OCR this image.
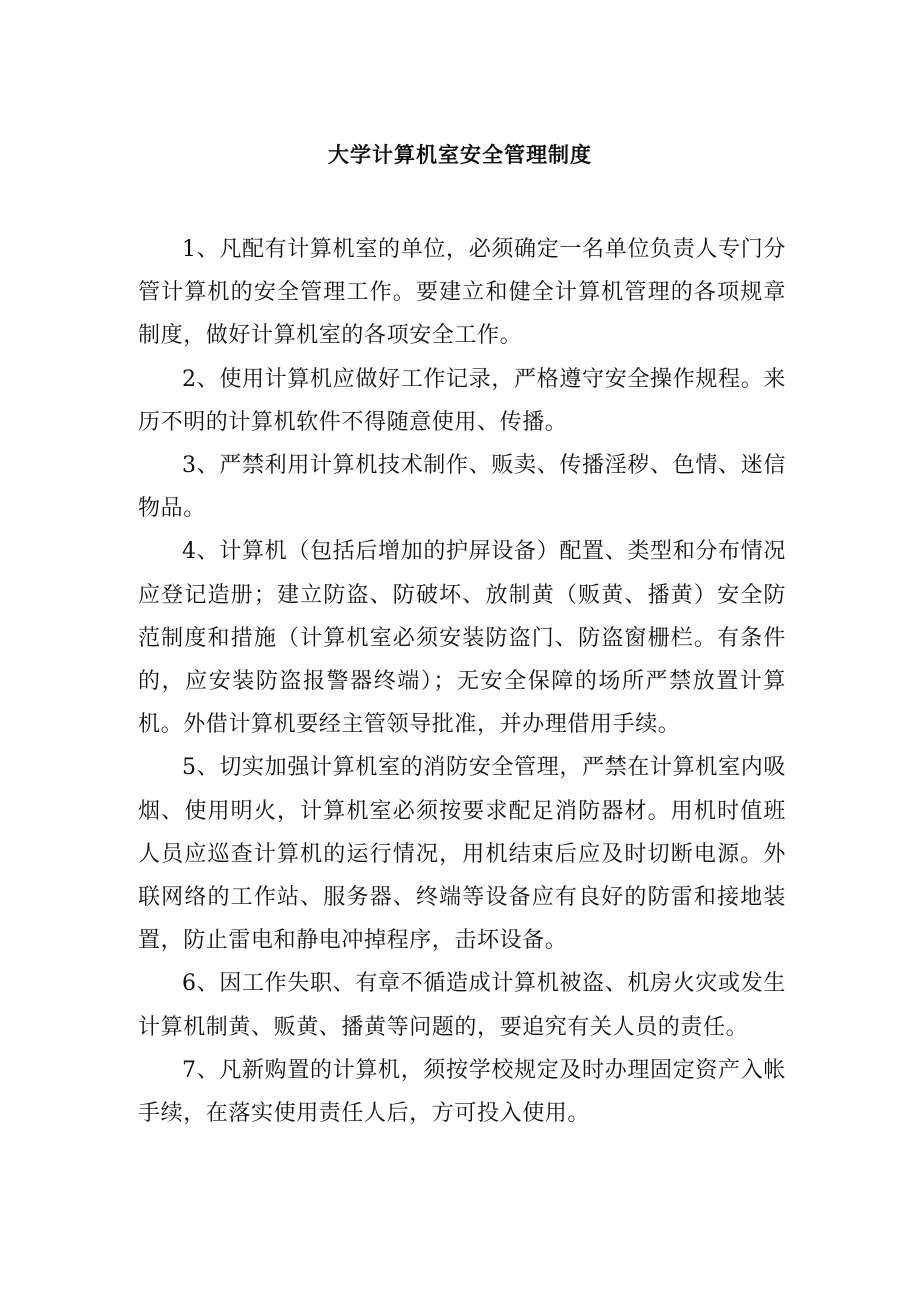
大学计算机室安全管理制度

1、凡配有计算机室的单位，必须确定一名单位负责人专门分管计算机的安全管理工作。要建立和健全计算机管理的各项规章制度，做好计算机室的各项安全工作。

2、使用计算机应做好工作记录，严格遵守安全操作规程。来历不明的计算机软件不得随意使用、传播。

3、严禁利用计算机技术制作、贩卖、传播淫秽、色情、迷信物品。

4、计算机（包括后增加的护屏设备）配置、类型和分布情况应登记造册；建立防盗、防破坏、放制黄（贩黄、播黄）安全防范制度和措施（计算机室必须安装防盗门、防盗窗栅栏。有条件的，应安装防盗报警器终端）；无安全保障的场所严禁放置计算机。外借计算机要经主管领导批准，并办理借用手续。

5、切实加强计算机室的消防安全管理，严禁在计算机室内吸烟、使用明火，计算机室必须按要求配足消防器材。用机时值班人员应巡查计算机的运行情况，用机结束后应及时切断电源。外联网络的工作站、服务器、终端等设备应有良好的防雷和接地装置，防止雷电和静电冲掉程序，击坏设备。

6、因工作失职、有章不循造成计算机被盗、机房火灾或发生计算机制黄、贩黄、播黄等问题的，要追究有关人员的责任。

7、凡新购置的计算机，须按学校规定及时办理固定资产入帐手续，在落实使用责任人后，方可投入使用。
